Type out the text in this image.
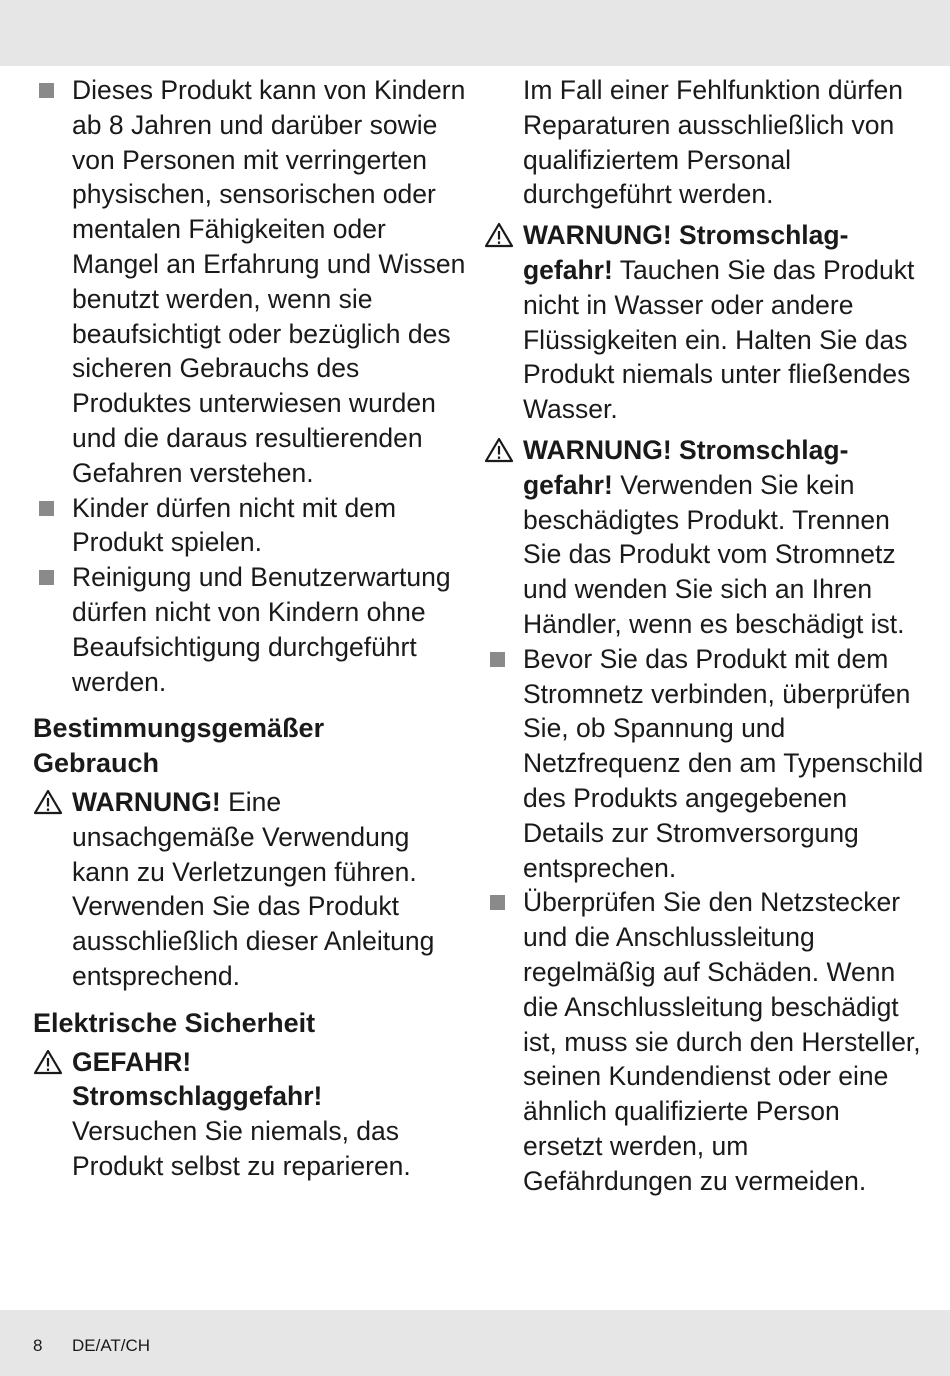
Dieses Produkt kann von Kindern ab 8 Jahren und darüber sowie von Personen mit verringerten physischen, sensorischen oder mentalen Fähigkeiten oder Mangel an Erfahrung und Wissen benutzt werden, wenn sie beaufsichtigt oder bezüglich des sicheren Gebrauchs des Produktes unterwiesen wurden und die daraus resultierenden Gefahren verstehen.
Kinder dürfen nicht mit dem Produkt spielen.
Reinigung und Benutzerwartung dürfen nicht von Kindern ohne Beaufsichtigung durchgeführt werden.
Bestimmungsgemäßer Gebrauch
WARNUNG! Eine unsachgemäße Verwendung kann zu Verletzungen führen. Verwenden Sie das Produkt ausschließlich dieser Anleitung entsprechend.
Elektrische Sicherheit
GEFAHR! Stromschlaggefahr!
Versuchen Sie niemals, das Produkt selbst zu reparieren.
Im Fall einer Fehlfunktion dürfen Reparaturen ausschließlich von qualifiziertem Personal durchgeführt werden.
WARNUNG! Stromschlaggefahr! Tauchen Sie das Produkt nicht in Wasser oder andere Flüssigkeiten ein. Halten Sie das Produkt niemals unter fließendes Wasser.
WARNUNG! Stromschlaggefahr! Verwenden Sie kein beschädigtes Produkt. Trennen Sie das Produkt vom Stromnetz und wenden Sie sich an Ihren Händler, wenn es beschädigt ist.
Bevor Sie das Produkt mit dem Stromnetz verbinden, überprüfen Sie, ob Spannung und Netzfrequenz den am Typenschild des Produkts angegebenen Details zur Stromversorgung entsprechen.
Überprüfen Sie den Netzstecker und die Anschlussleitung regelmäßig auf Schäden. Wenn die Anschlussleitung beschädigt ist, muss sie durch den Hersteller, seinen Kundendienst oder eine ähnlich qualifizierte Person ersetzt werden, um Gefährdungen zu vermeiden.
8 DE/AT/CH
